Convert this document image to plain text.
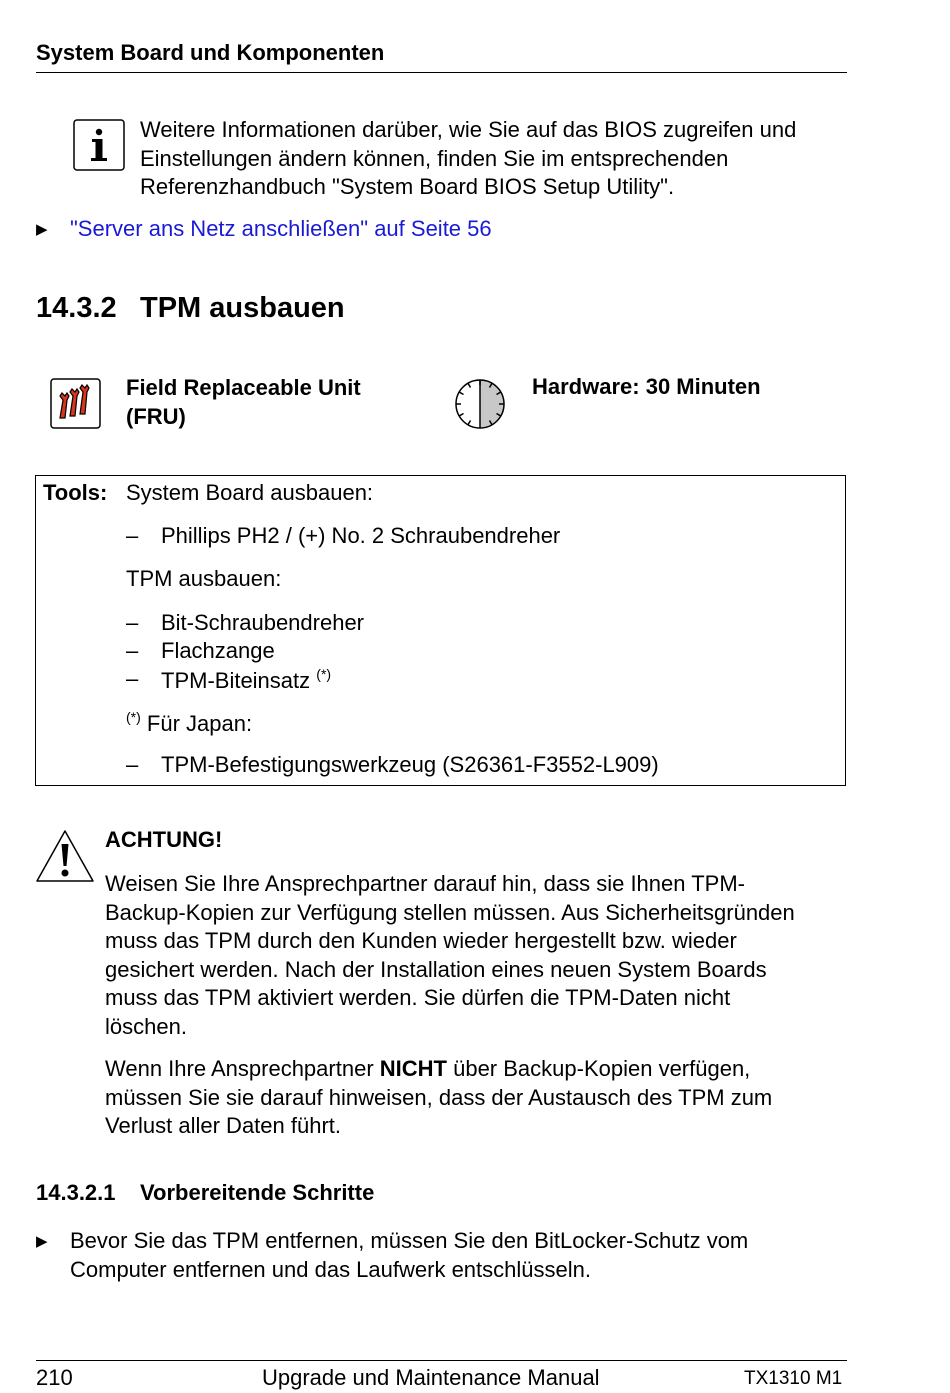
System Board und Komponenten
Weitere Informationen darüber, wie Sie auf das BIOS zugreifen und
Einstellungen ändern können, finden Sie im entsprechenden
Referenzhandbuch "System Board BIOS Setup Utility".
▶ "Server ans Netz anschließen" auf Seite 56
14.3.2 TPM ausbauen
Field Replaceable Unit
(FRU)
Hardware: 30 Minuten
Tools: System Board ausbauen:
– Phillips PH2 / (+) No. 2 Schraubendreher
TPM ausbauen:
– Bit-Schraubendreher
– Flachzange
– TPM-Biteinsatz (*)
(*) Für Japan:
– TPM-Befestigungswerkzeug (S26361-F3552-L909)
ACHTUNG!
Weisen Sie Ihre Ansprechpartner darauf hin, dass sie Ihnen TPM-
Backup-Kopien zur Verfügung stellen müssen. Aus Sicherheitsgründen
muss das TPM durch den Kunden wieder hergestellt bzw. wieder
gesichert werden. Nach der Installation eines neuen System Boards
muss das TPM aktiviert werden. Sie dürfen die TPM-Daten nicht
löschen.
Wenn Ihre Ansprechpartner NICHT über Backup-Kopien verfügen,
müssen Sie sie darauf hinweisen, dass der Austausch des TPM zum
Verlust aller Daten führt.
14.3.2.1 Vorbereitende Schritte
▶ Bevor Sie das TPM entfernen, müssen Sie den BitLocker-Schutz vom
Computer entfernen und das Laufwerk entschlüsseln.
210	Upgrade und Maintenance Manual	TX1310 M1
